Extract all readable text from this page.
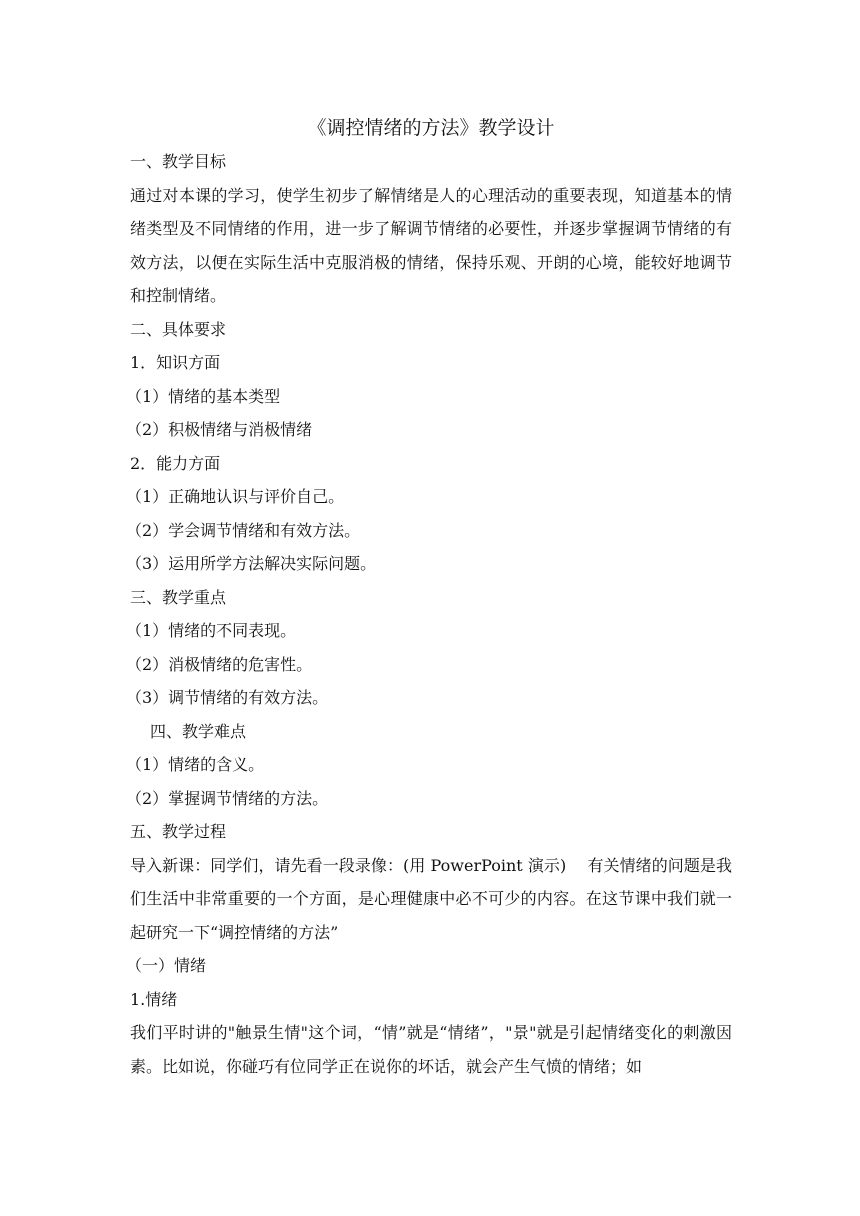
《调控情绪的方法》教学设计

一、教学目标

通过对本课的学习，使学生初步了解情绪是人的心理活动的重要表现，知道基本的情绪类型及不同情绪的作用，进一步了解调节情绪的必要性，并逐步掌握调节情绪的有效方法，以便在实际生活中克服消极的情绪，保持乐观、开朗的心境，能较好地调节和控制情绪。

二、具体要求

1．知识方面

（1）情绪的基本类型

（2）积极情绪与消极情绪

2．能力方面

（1）正确地认识与评价自己。

（2）学会调节情绪和有效方法。

（3）运用所学方法解决实际问题。

三、教学重点

（1）情绪的不同表现。

（2）消极情绪的危害性。

（3）调节情绪的有效方法。

四、教学难点

（1）情绪的含义。

（2）掌握调节情绪的方法。

五、教学过程

导入新课：同学们，请先看一段录像：(用 PowerPoint 演示)　 有关情绪的问题是我们生活中非常重要的一个方面，是心理健康中必不可少的内容。在这节课中我们就一起研究一下“调控情绪的方法”

（一）情绪

1.情绪

我们平时讲的"触景生情"这个词，“情”就是“情绪”，"景"就是引起情绪变化的刺激因素。比如说，你碰巧有位同学正在说你的坏话，就会产生气愤的情绪；如
